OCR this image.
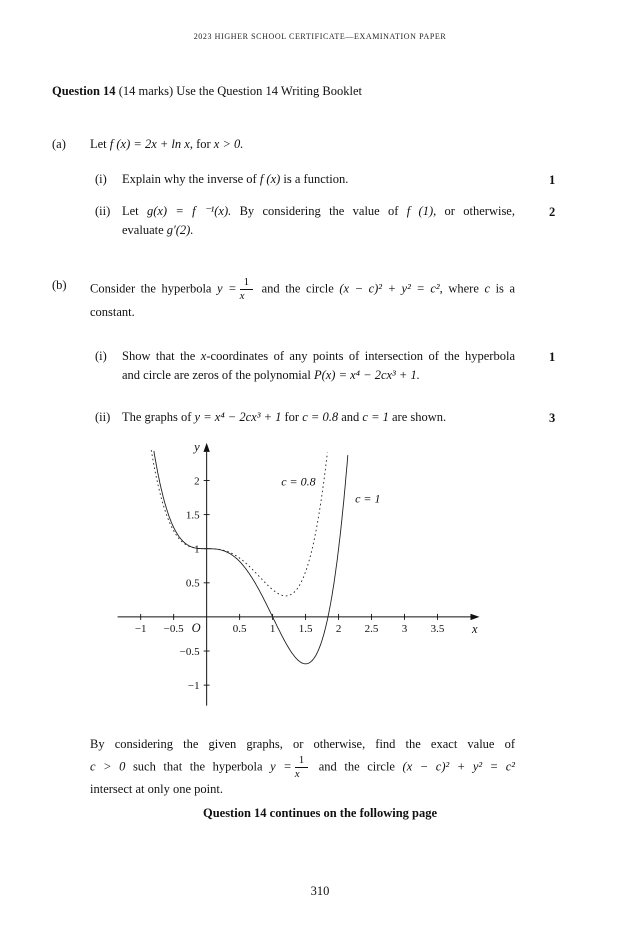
2023 HIGHER SCHOOL CERTIFICATE—EXAMINATION PAPER
Question 14 (14 marks) Use the Question 14 Writing Booklet
(a)	Let f (x) = 2x + ln x, for x > 0.
(i)	Explain why the inverse of f (x) is a function.	1
(ii) Let g(x) = f ⁻¹(x). By considering the value of f (1), or otherwise,
evaluate g′(2).
2
(b)	Consider the hyperbola $y = \frac{1}{x}$ and the circle (x − c)² + y² = c², where c is a
constant.
(i)	Show that the x-coordinates of any points of intersection of the hyperbola
and circle are zeros of the polynomial P(x) = x⁴ − 2cx³ + 1.
1
(ii) The graphs of y = x⁴ − 2cx³ + 1 for c = 0.8 and c = 1 are shown.	3
x
y
O
−1 −0.5	0.5 1 1.5 2 2.5 3 3.5
−1
−0.5
0.5
1
1.5
2	c = 0.8
c = 1
By considering the given graphs, or otherwise, find the exact value of
c > 0 such that the hyperbola $y = \frac{1}{x}$ and the circle (x − c)² + y² = c²
intersect at only one point.
Question 14 continues on the following page
310
